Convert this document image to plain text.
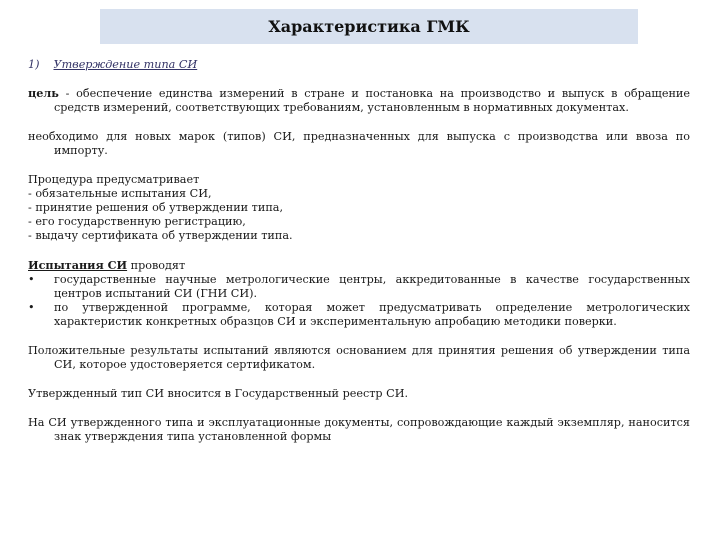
Характеристика ГМК
1) Утверждение типа СИ
цель - обеспечение единства измерений в стране и постановка на производство и выпуск в обращение средств измерений, соответствующих требованиям, установленным в нормативных документах.
необходимо для новых марок (типов) СИ, предназначенных для выпуска с производства или ввоза по импорту.
Процедура предусматривает
- обязательные испытания СИ,
- принятие решения об утверждении типа,
- его государственную регистрацию,
- выдачу сертификата об утверждении типа.
Испытания СИ проводят
•	государственные научные метрологические центры, аккредитованные в качестве государственных центров испытаний СИ (ГНИ СИ).
•	по утвержденной программе, которая может предусматривать определение метрологических характеристик конкретных образцов СИ и экспериментальную апробацию методики поверки.
Положительные результаты испытаний являются основанием для принятия решения об утверждении типа СИ, которое удостоверяется сертификатом.
Утвержденный тип СИ вносится в Государственный реестр СИ.
На СИ утвержденного типа и эксплуатационные документы, сопровождающие каждый экземпляр, наносится знак утверждения типа установленной формы
